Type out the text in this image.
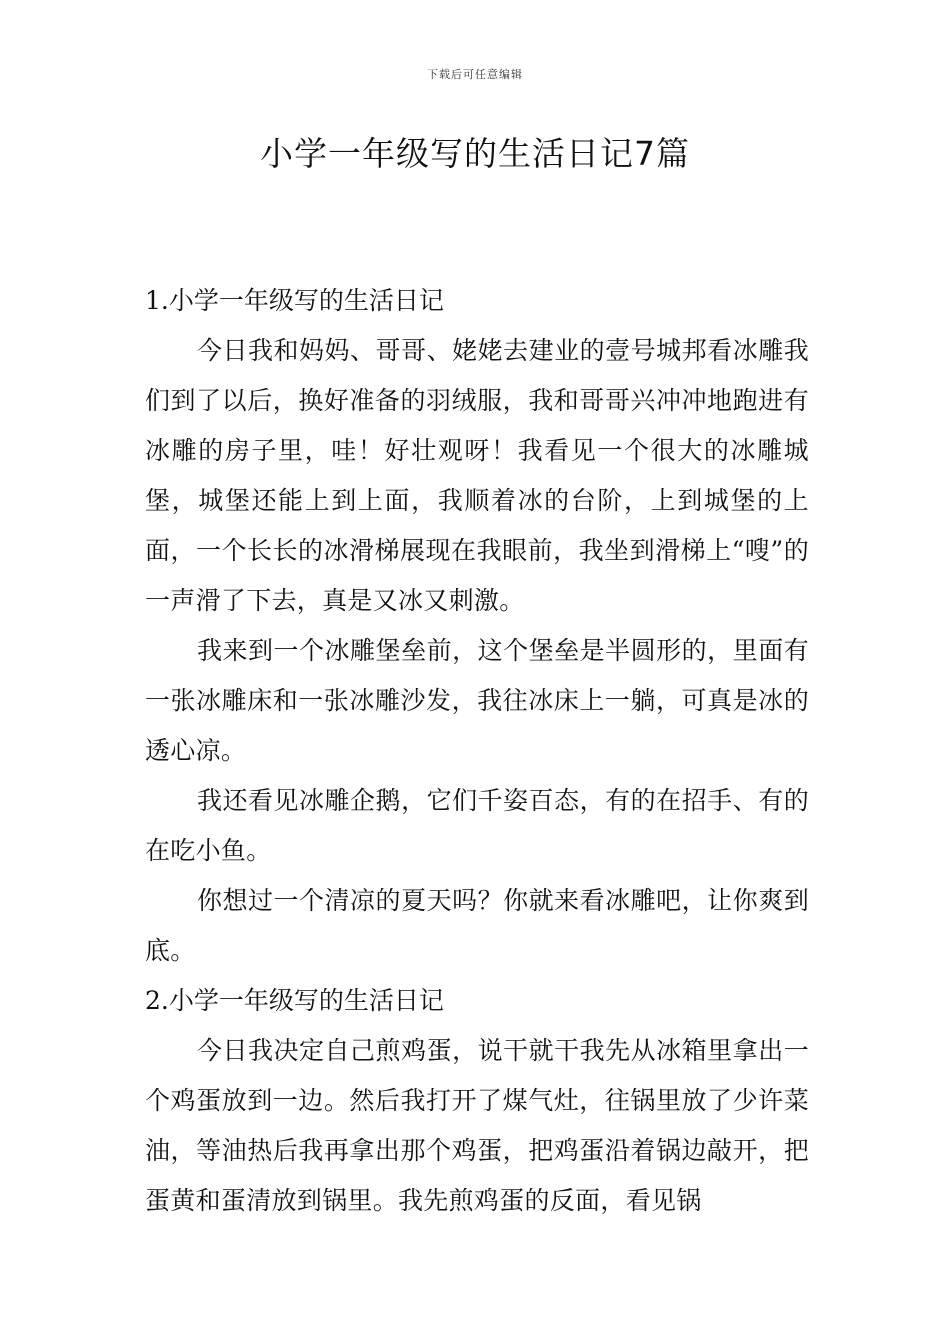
下载后可任意编辑
小学一年级写的生活日记7篇

1.小学一年级写的生活日记

今日我和妈妈、哥哥、姥姥去建业的壹号城邦看冰雕我们到了以后，换好准备的羽绒服，我和哥哥兴冲冲地跑进有冰雕的房子里，哇！好壮观呀！我看见一个很大的冰雕城堡，城堡还能上到上面，我顺着冰的台阶，上到城堡的上面，一个长长的冰滑梯展现在我眼前，我坐到滑梯上“嗖”的一声滑了下去，真是又冰又刺激。

我来到一个冰雕堡垒前，这个堡垒是半圆形的，里面有一张冰雕床和一张冰雕沙发，我往冰床上一躺，可真是冰的透心凉。

我还看见冰雕企鹅，它们千姿百态，有的在招手、有的在吃小鱼。

你想过一个清凉的夏天吗？你就来看冰雕吧，让你爽到底。

2.小学一年级写的生活日记

今日我决定自己煎鸡蛋，说干就干我先从冰箱里拿出一个鸡蛋放到一边。然后我打开了煤气灶，往锅里放了少许菜油，等油热后我再拿出那个鸡蛋，把鸡蛋沿着锅边敲开，把蛋黄和蛋清放到锅里。我先煎鸡蛋的反面，看见锅
